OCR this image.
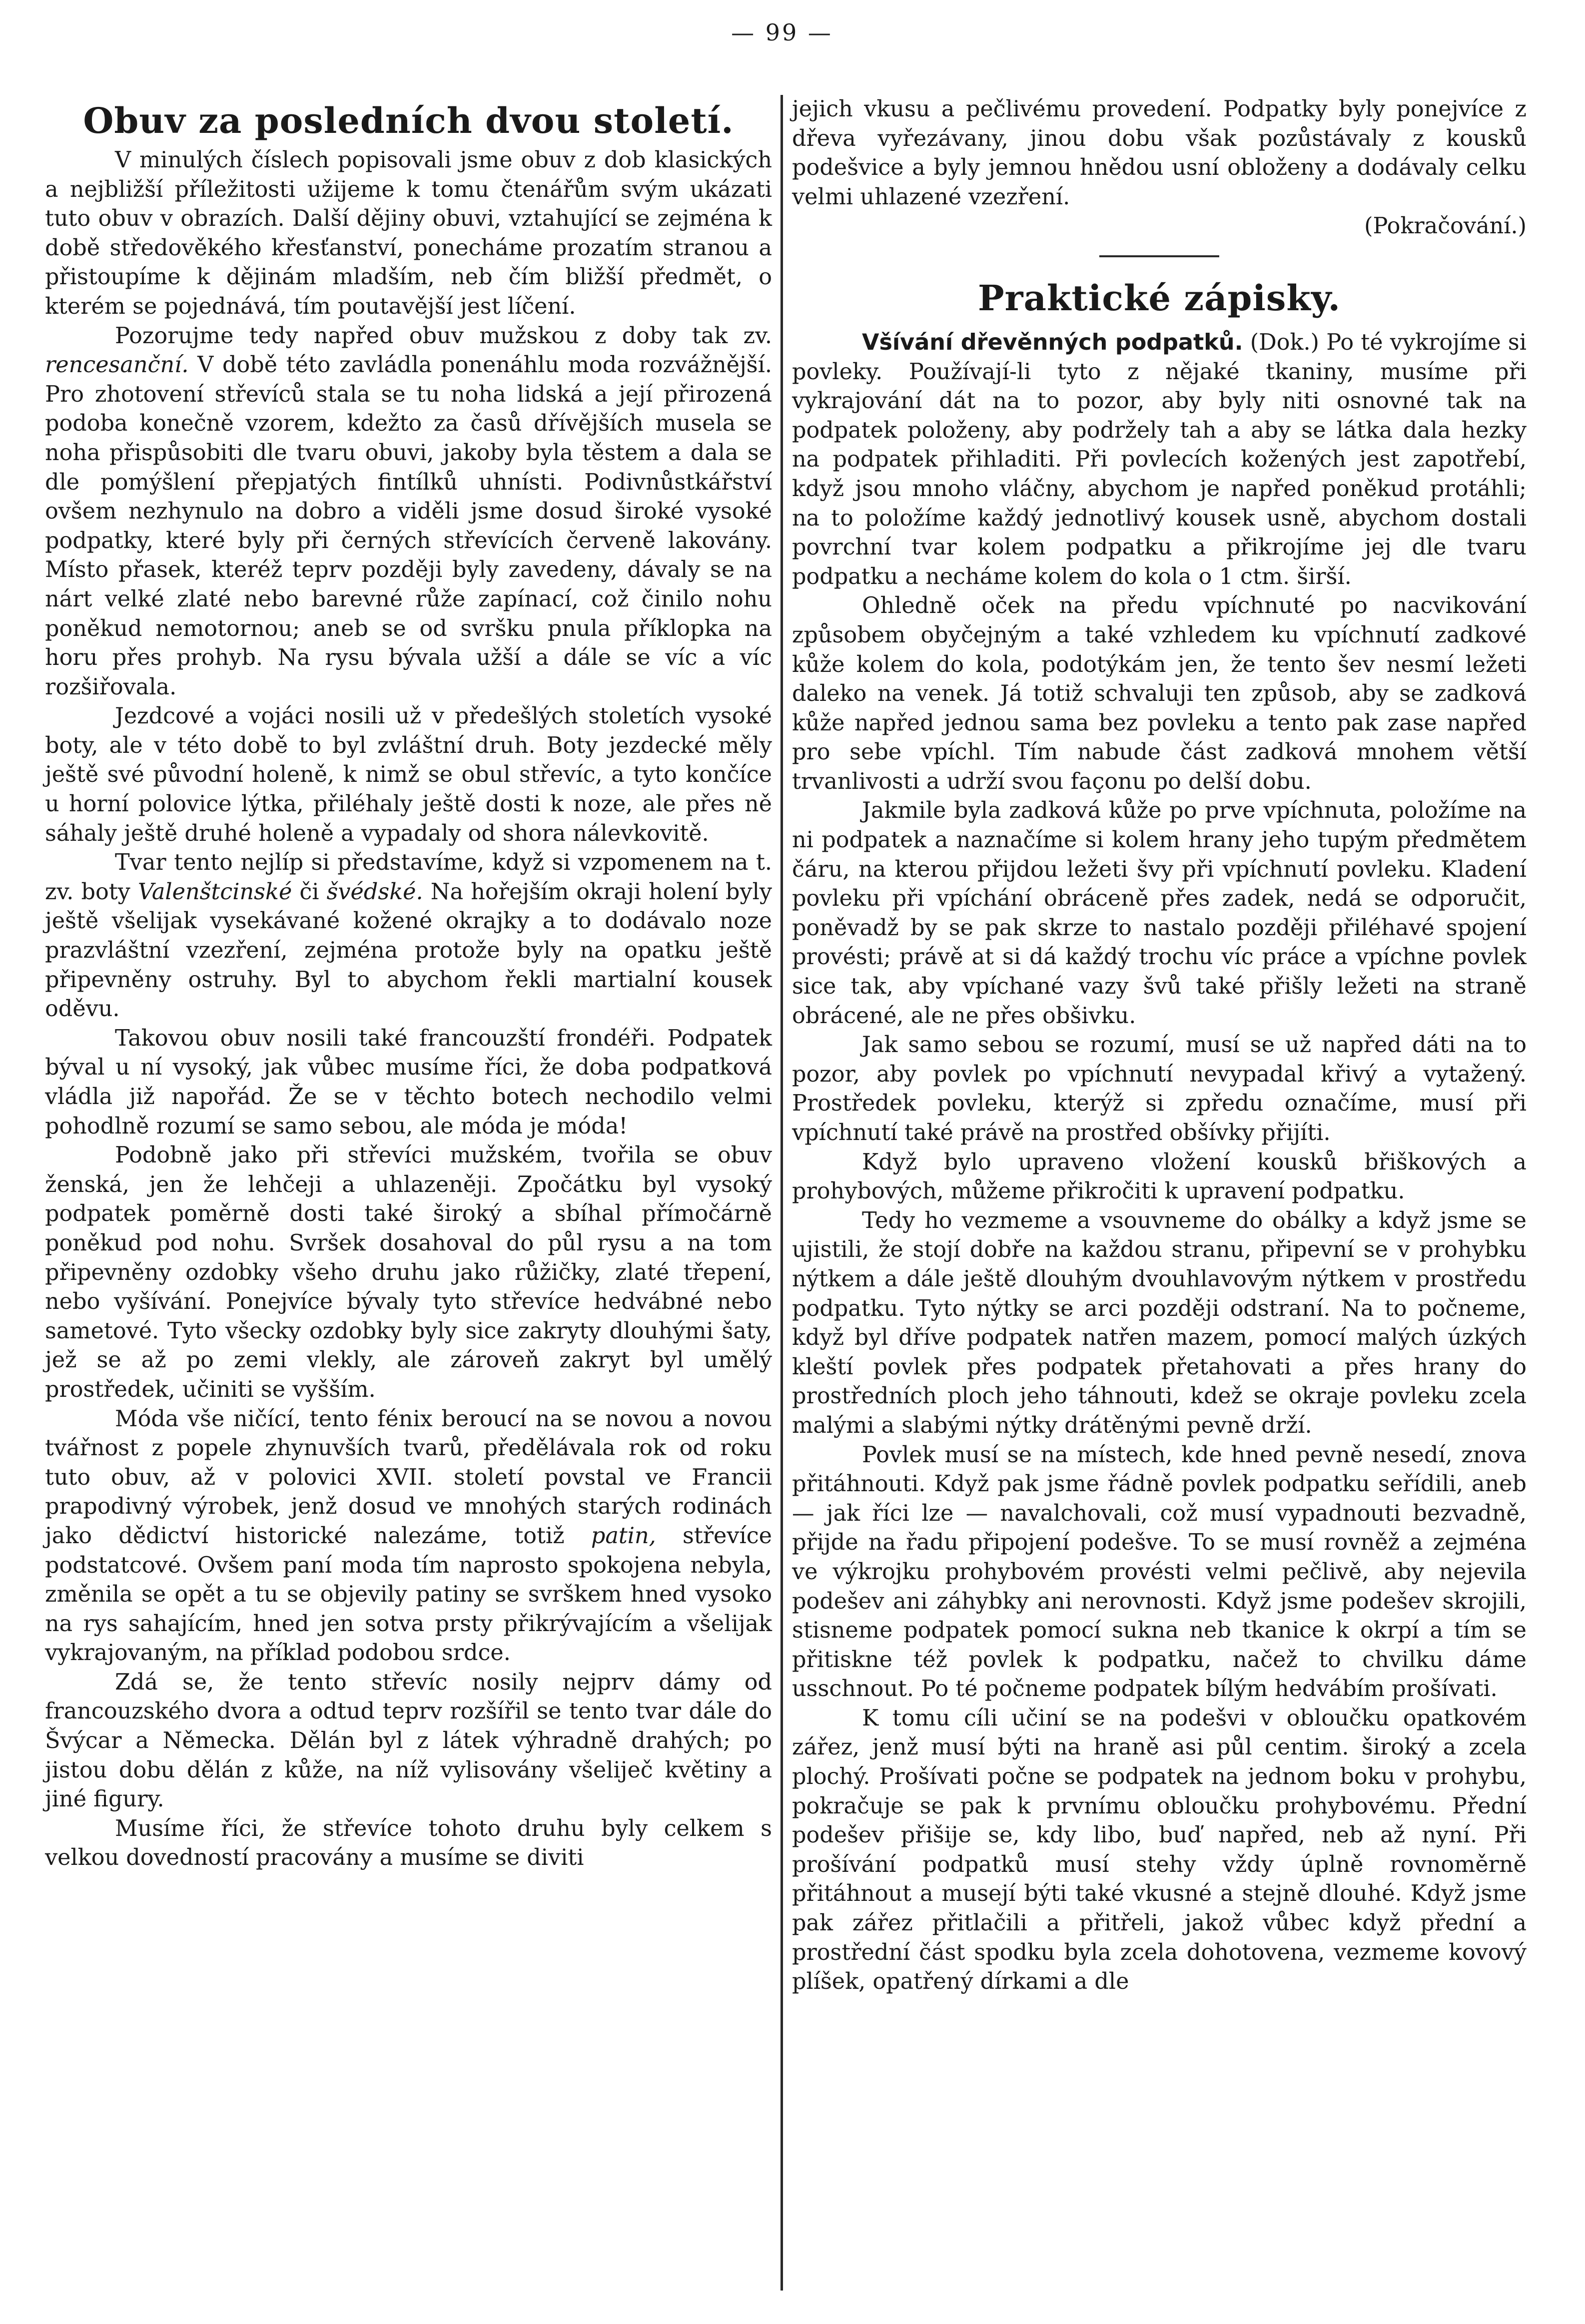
— 99 —
Obuv za posledních dvou století.

V minulých číslech popisovali jsme obuv z dob klasických a nejbližší příležitosti užijeme k tomu čtenářům svým ukázati tuto obuv v obrazích. Další dějiny obuvi, vztahující se zejména k době středověkého křesťanství, ponecháme prozatím stranou a přistoupíme k dějinám mladším, neb čím bližší předmět, o kterém se pojednává, tím poutavější jest líčení.

Pozorujme tedy napřed obuv mužskou z doby tak zv. rencesanční. V době této zavládla ponenáhlu moda rozvážnější. Pro zhotovení střevíců stala se tu noha lidská a její přirozená podoba konečně vzorem, kdežto za časů dřívějších musela se noha přispůsobiti dle tvaru obuvi, jakoby byla těstem a dala se dle pomýšlení přepjatých fintílků uhnísti. Podivnůstkářství ovšem nezhynulo na dobro a viděli jsme dosud široké vysoké podpatky, které byly při černých střevících červeně lakovány. Místo přasek, kteréž teprv později byly zavedeny, dávaly se na nárt velké zlaté nebo barevné růže zapínací, což činilo nohu poněkud nemotornou; aneb se od svršku pnula příklopka na horu přes prohyb. Na rysu bývala užší a dále se víc a víc rozšiřovala.

Jezdcové a vojáci nosili už v předešlých stoletích vysoké boty, ale v této době to byl zvláštní druh. Boty jezdecké měly ještě své původní holeně, k nimž se obul střevíc, a tyto končíce u horní polovice lýtka, přiléhaly ještě dosti k noze, ale přes ně sáhaly ještě druhé holeně a vypadaly od shora nálevkovitě.

Tvar tento nejlíp si představíme, když si vzpomenem na t. zv. boty Valenštcinské či švédské. Na hořejším okraji holení byly ještě všelijak vysekávané kožené okrajky a to dodávalo noze prazvláštní vzezření, zejména protože byly na opatku ještě připevněny ostruhy. Byl to abychom řekli martialní kousek oděvu.

Takovou obuv nosili také francouzští frondéři. Podpatek býval u ní vysoký, jak vůbec musíme říci, že doba podpatková vládla již napořád. Že se v těchto botech nechodilo velmi pohodlně rozumí se samo sebou, ale móda je móda!

Podobně jako při střevíci mužském, tvořila se obuv ženská, jen že lehčeji a uhlazeněji. Zpočátku byl vysoký podpatek poměrně dosti také široký a sbíhal přímočárně poněkud pod nohu. Svršek dosahoval do půl rysu a na tom připevněny ozdobky všeho druhu jako růžičky, zlaté třepení, nebo vyšívání. Ponejvíce bývaly tyto střevíce hedvábné nebo sametové. Tyto všecky ozdobky byly sice zakryty dlouhými šaty, jež se až po zemi vlekly, ale zároveň zakryt byl umělý prostředek, učiniti se vyšším.

Móda vše ničící, tento fénix beroucí na se novou a novou tvářnost z popele zhynuvších tvarů, předělávala rok od roku tuto obuv, až v polovici XVII. století povstal ve Francii prapodivný výrobek, jenž dosud ve mnohých starých rodinách jako dědictví historické nalezáme, totiž patin, střevíce podstatcové. Ovšem paní moda tím naprosto spokojena nebyla, změnila se opět a tu se objevily patiny se svrškem hned vysoko na rys sahajícím, hned jen sotva prsty přikrývajícím a všelijak vykrajovaným, na příklad podobou srdce.

Zdá se, že tento střevíc nosily nejprv dámy od francouzského dvora a odtud teprv rozšířil se tento tvar dále do Švýcar a Německa. Dělán byl z látek výhradně drahých; po jistou dobu dělán z kůže, na níž vylisovány všeliječ květiny a jiné figury.

Musíme říci, že střevíce tohoto druhu byly celkem s velkou dovedností pracovány a musíme se diviti

jejich vkusu a pečlivému provedení. Podpatky byly ponejvíce z dřeva vyřezávany, jinou dobu však pozůstávaly z kousků podešvice a byly jemnou hnědou usní obloženy a dodávaly celku velmi uhlazené vzezření.

(Pokračování.)

Praktické zápisky.

Všívání dřevěnných podpatků. (Dok.) Po té vykrojíme si povleky. Používají-li tyto z nějaké tkaniny, musíme při vykrajování dát na to pozor, aby byly niti osnovné tak na podpatek položeny, aby podržely tah a aby se látka dala hezky na podpatek přihladiti. Při povlecích kožených jest zapotřebí, když jsou mnoho vláčny, abychom je napřed poněkud protáhli; na to položíme každý jednotlivý kousek usně, abychom dostali povrchní tvar kolem podpatku a přikrojíme jej dle tvaru podpatku a necháme kolem do kola o 1 ctm. širší.

Ohledně oček na předu vpíchnuté po nacvikování způsobem obyčejným a také vzhledem ku vpíchnutí zadkové kůže kolem do kola, podotýkám jen, že tento šev nesmí ležeti daleko na venek. Já totiž schvaluji ten způsob, aby se zadková kůže napřed jednou sama bez povleku a tento pak zase napřed pro sebe vpíchl. Tím nabude část zadková mnohem větší trvanlivosti a udrží svou façonu po delší dobu.

Jakmile byla zadková kůže po prve vpíchnuta, položíme na ni podpatek a naznačíme si kolem hrany jeho tupým předmětem čáru, na kterou přijdou ležeti švy při vpíchnutí povleku. Kladení povleku při vpíchání obráceně přes zadek, nedá se odporučit, poněvadž by se pak skrze to nastalo později přiléhavé spojení provésti; právě at si dá každý trochu víc práce a vpíchne povlek sice tak, aby vpíchané vazy švů také přišly ležeti na straně obrácené, ale ne přes obšivku.

Jak samo sebou se rozumí, musí se už napřed dáti na to pozor, aby povlek po vpíchnutí nevypadal křivý a vytažený. Prostředek povleku, kterýž si zpředu označíme, musí při vpíchnutí také právě na prostřed obšívky přijíti.

Když bylo upraveno vložení kousků břiškových a prohybových, můžeme přikročiti k upravení podpatku.

Tedy ho vezmeme a vsouvneme do obálky a když jsme se ujistili, že stojí dobře na každou stranu, připevní se v prohybku nýtkem a dále ještě dlouhým dvouhlavovým nýtkem v prostředu podpatku. Tyto nýtky se arci později odstraní. Na to počneme, když byl dříve podpatek natřen mazem, pomocí malých úzkých kleští povlek přes podpatek přetahovati a přes hrany do prostředních ploch jeho táhnouti, kdež se okraje povleku zcela malými a slabými nýtky drátěnými pevně drží.

Povlek musí se na místech, kde hned pevně nesedí, znova přitáhnouti. Když pak jsme řádně povlek podpatku seřídili, aneb — jak říci lze — navalchovali, což musí vypadnouti bezvadně, přijde na řadu připojení podešve. To se musí rovněž a zejména ve výkrojku prohybovém provésti velmi pečlivě, aby nejevila podešev ani záhybky ani nerovnosti. Když jsme podešev skrojili, stisneme podpatek pomocí sukna neb tkanice k okrpí a tím se přitiskne též povlek k podpatku, načež to chvilku dáme usschnout. Po té počneme podpatek bílým hedvábím prošívati.

K tomu cíli učiní se na podešvi v obloučku opatkovém zářez, jenž musí býti na hraně asi půl centim. široký a zcela plochý. Prošívati počne se podpatek na jednom boku v prohybu, pokračuje se pak k prvnímu obloučku prohybovému. Přední podešev přišije se, kdy libo, buď napřed, neb až nyní. Při prošívání podpatků musí stehy vždy úplně rovnoměrně přitáhnout a musejí býti také vkusné a stejně dlouhé. Když jsme pak zářez přitlačili a přitřeli, jakož vůbec když přední a prostřední část spodku byla zcela dohotovena, vezmeme kovový plíšek, opatřený dírkami a dle
